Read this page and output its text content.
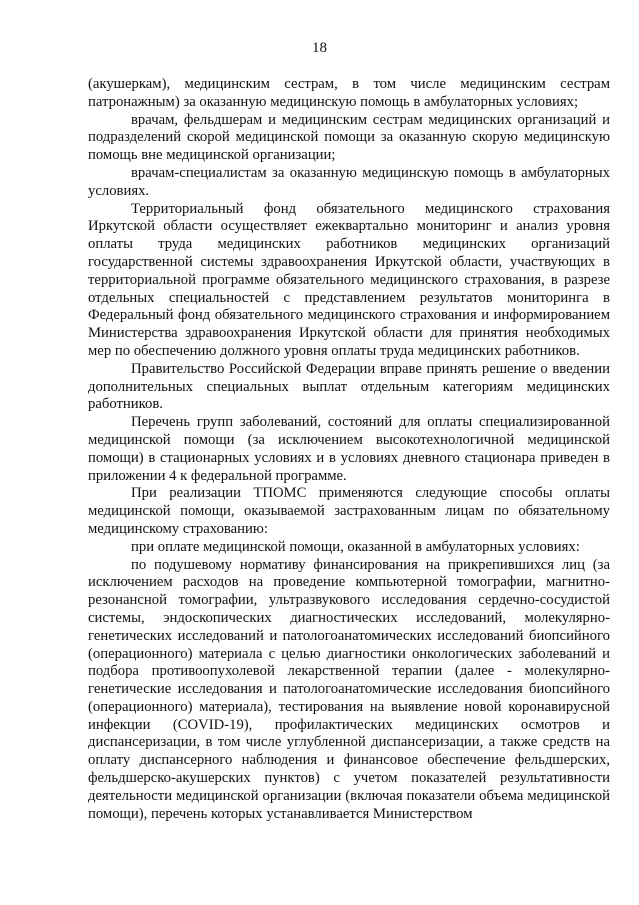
18

(акушеркам), медицинским сестрам, в том числе медицинским сестрам патронажным) за оказанную медицинскую помощь в амбулаторных условиях;

врачам, фельдшерам и медицинским сестрам медицинских организаций и подразделений скорой медицинской помощи за оказанную скорую медицинскую помощь вне медицинской организации;

врачам-специалистам за оказанную медицинскую помощь в амбулаторных условиях.

Территориальный фонд обязательного медицинского страхования Иркутской области осуществляет ежеквартально мониторинг и анализ уровня оплаты труда медицинских работников медицинских организаций государственной системы здравоохранения Иркутской области, участвующих в территориальной программе обязательного медицинского страхования, в разрезе отдельных специальностей с представлением результатов мониторинга в Федеральный фонд обязательного медицинского страхования и информированием Министерства здравоохранения Иркутской области для принятия необходимых мер по обеспечению должного уровня оплаты труда медицинских работников.

Правительство Российской Федерации вправе принять решение о введении дополнительных специальных выплат отдельным категориям медицинских работников.

Перечень групп заболеваний, состояний для оплаты специализированной медицинской помощи (за исключением высокотехнологичной медицинской помощи) в стационарных условиях и в условиях дневного стационара приведен в приложении 4 к федеральной программе.

При реализации ТПОМС применяются следующие способы оплаты медицинской помощи, оказываемой застрахованным лицам по обязательному медицинскому страхованию:

при оплате медицинской помощи, оказанной в амбулаторных условиях:

по подушевому нормативу финансирования на прикрепившихся лиц (за исключением расходов на проведение компьютерной томографии, магнитно-резонансной томографии, ультразвукового исследования сердечно-сосудистой системы, эндоскопических диагностических исследований, молекулярно-генетических исследований и патологоанатомических исследований биопсийного (операционного) материала с целью диагностики онкологических заболеваний и подбора противоопухолевой лекарственной терапии (далее - молекулярно-генетические исследования и патологоанатомические исследования биопсийного (операционного) материала), тестирования на выявление новой коронавирусной инфекции (COVID-19), профилактических медицинских осмотров и диспансеризации, в том числе углубленной диспансеризации, а также средств на оплату диспансерного наблюдения и финансовое обеспечение фельдшерских, фельдшерско-акушерских пунктов) с учетом показателей результативности деятельности медицинской организации (включая показатели объема медицинской помощи), перечень которых устанавливается Министерством
